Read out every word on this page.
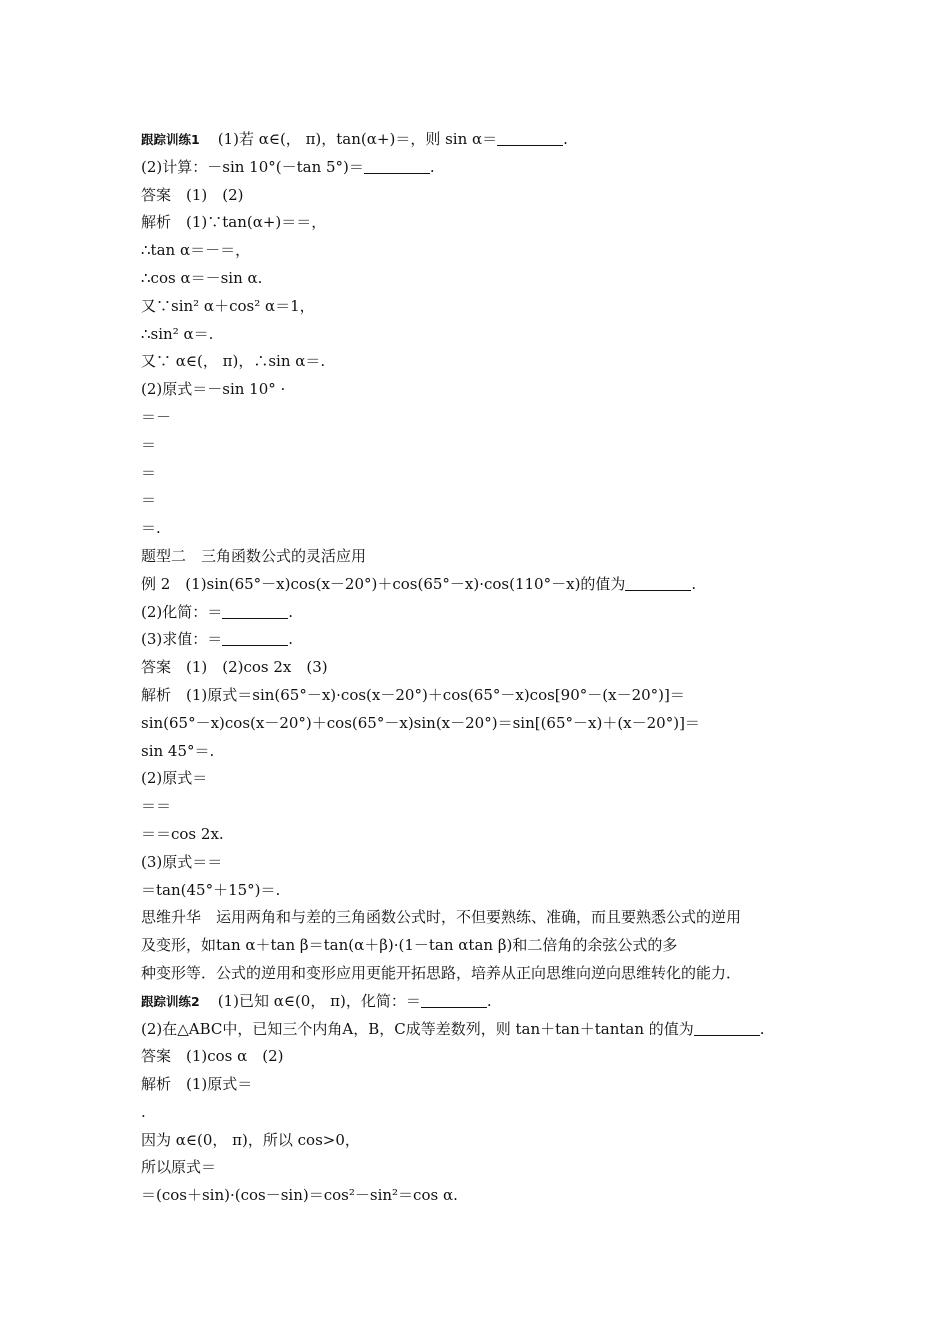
跟踪训练1 (1)若 α∈(， π)，tan(α+)＝，则 sin α＝	.
(2)计算：－sin 10°(－tan 5°)＝	.
答案　(1)　(2)
解析　(1)∵tan(α+)＝＝，
∴tan α＝－＝，
∴cos α＝－sin α.
又∵sin² α＋cos² α＝1，
∴sin² α＝.
又∵ α∈(， π)，∴sin α＝.
(2)原式＝－sin 10° ·
＝－
＝
＝
＝
＝.
题型二　三角函数公式的灵活应用
例 2　(1)sin(65°－x)cos(x－20°)＋cos(65°－x)·cos(110°－x)的值为	.
(2)化简：＝	.
(3)求值：＝	.
答案　(1)　(2)cos 2x　(3)
解析　(1)原式＝sin(65°－x)·cos(x－20°)＋cos(65°－x)cos[90°－(x－20°)]＝
sin(65°－x)cos(x－20°)＋cos(65°－x)sin(x－20°)＝sin[(65°－x)＋(x－20°)]＝
sin 45°＝.
(2)原式＝
＝＝
＝＝cos 2x.
(3)原式＝＝
＝tan(45°＋15°)＝.
思维升华　运用两角和与差的三角函数公式时，不但要熟练、准确，而且要熟悉公式的逆用
及变形，如tan α＋tan β＝tan(α＋β)·(1－tan αtan β)和二倍角的余弦公式的多
种变形等．公式的逆用和变形应用更能开拓思路，培养从正向思维向逆向思维转化的能力．
跟踪训练2 (1)已知 α∈(0， π)，化简：＝	.
(2)在△ABC中，已知三个内角A，B，C成等差数列，则 tan＋tan＋tantan 的值为	.
答案　(1)cos α　(2)
解析　(1)原式＝
.
因为 α∈(0， π)，所以 cos>0，
所以原式＝
＝(cos＋sin)·(cos－sin)＝cos²－sin²＝cos α.
